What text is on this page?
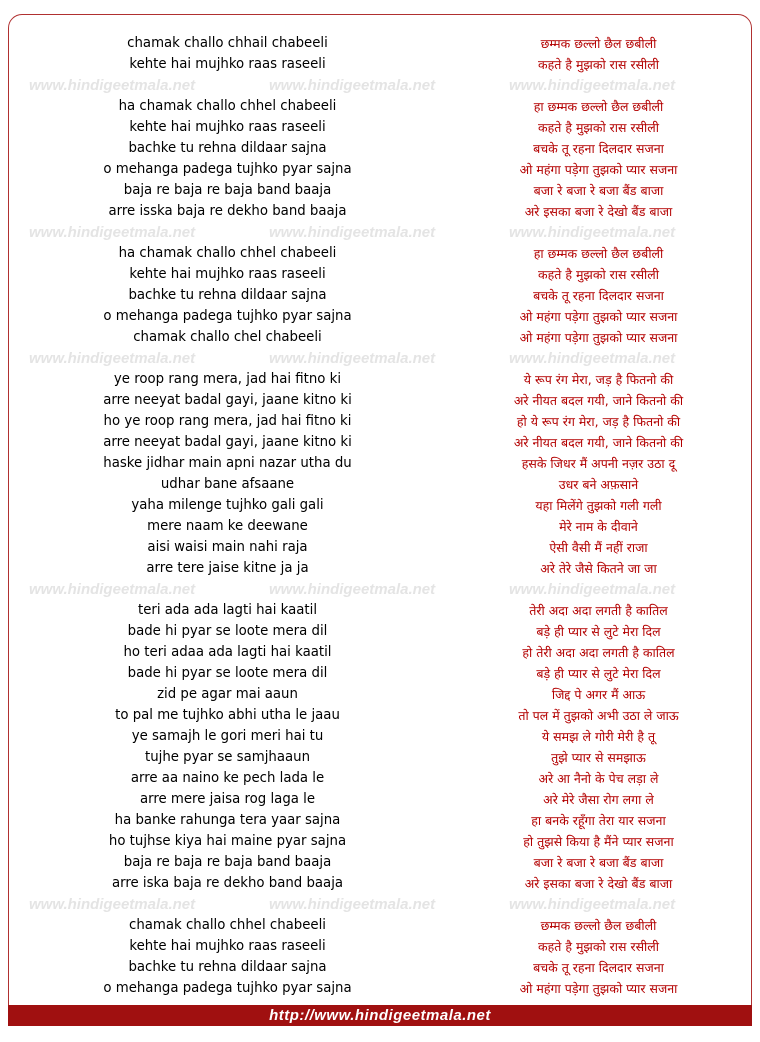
chamak challo chhail chabeeli	छम्मक छल्लो छैल छबीली
kehte hai mujhko raas raseeli	कहते है मुझको रास रसीली
www.hindigeetmala.net	www.hindigeetmala.net	www.hindigeetmala.net
ha chamak challo chhel chabeeli	हा छम्मक छल्लो छैल छबीली
kehte hai mujhko raas raseeli	कहते है मुझको रास रसीली
bachke tu rehna dildaar sajna	बचके तू रहना दिलदार सजना
o mehanga padega tujhko pyar sajna	ओ महंगा पड़ेगा तुझको प्यार सजना
baja re baja re baja band baaja	बजा रे बजा रे बजा बैंड बाजा
arre isska baja re dekho band baaja	अरे इसका बजा रे देखो बैंड बाजा
www.hindigeetmala.net	www.hindigeetmala.net	www.hindigeetmala.net
ha chamak challo chhel chabeeli	हा छम्मक छल्लो छैल छबीली
kehte hai mujhko raas raseeli	कहते है मुझको रास रसीली
bachke tu rehna dildaar sajna	बचके तू रहना दिलदार सजना
o mehanga padega tujhko pyar sajna	ओ महंगा पड़ेगा तुझको प्यार सजना
chamak challo chel chabeeli	ओ महंगा पड़ेगा तुझको प्यार सजना
www.hindigeetmala.net	www.hindigeetmala.net	www.hindigeetmala.net
ye roop rang mera, jad hai fitno ki	ये रूप रंग मेरा, जड़ है फितनो की
arre neeyat badal gayi, jaane kitno ki	अरे नीयत बदल गयी, जाने कितनो की
ho ye roop rang mera, jad hai fitno ki	हो ये रूप रंग मेरा, जड़ है फितनो की
arre neeyat badal gayi, jaane kitno ki	अरे नीयत बदल गयी, जाने कितनो की
haske jidhar main apni nazar utha du	हसके जिधर मैं अपनी नज़र उठा दू
udhar bane afsaane	उधर बने अफ़साने
yaha milenge tujhko gali gali	यहा मिलेंगे तुझको गली गली
mere naam ke deewane	मेरे नाम के दीवाने
aisi waisi main nahi raja	ऐसी वैसी मैं नहीं राजा
arre tere jaise kitne ja ja	अरे तेरे जैसे कितने जा जा
www.hindigeetmala.net	www.hindigeetmala.net	www.hindigeetmala.net
teri ada ada lagti hai kaatil	तेरी अदा अदा लगती है कातिल
bade hi pyar se loote mera dil	बड़े ही प्यार से लुटे मेरा दिल
ho teri adaa ada lagti hai kaatil	हो तेरी अदा अदा लगती है कातिल
bade hi pyar se loote mera dil	बड़े ही प्यार से लुटे मेरा दिल
zid pe agar mai aaun	जिद्द पे अगर मैं आऊ
to pal me tujhko abhi utha le jaau	तो पल में तुझको अभी उठा ले जाऊ
ye samajh le gori meri hai tu	ये समझ ले गोरी मेरी है तू
tujhe pyar se samjhaaun	तुझे प्यार से समझाऊ
arre aa naino ke pech lada le	अरे आ नैनो के पेच लड़ा ले
arre mere jaisa rog laga le	अरे मेरे जैसा रोग लगा ले
ha banke rahunga tera yaar sajna	हा बनके रहूँगा तेरा यार सजना
ho tujhse kiya hai maine pyar sajna	हो तुझसे किया है मैंने प्यार सजना
baja re baja re baja band baaja	बजा रे बजा रे बजा बैंड बाजा
arre iska baja re dekho band baaja	अरे इसका बजा रे देखो बैंड बाजा
www.hindigeetmala.net	www.hindigeetmala.net	www.hindigeetmala.net
chamak challo chhel chabeeli	छम्मक छल्लो छैल छबीली
kehte hai mujhko raas raseeli	कहते है मुझको रास रसीली
bachke tu rehna dildaar sajna	बचके तू रहना दिलदार सजना
o mehanga padega tujhko pyar sajna	ओ महंगा पड़ेगा तुझको प्यार सजना
http://www.hindigeetmala.net
